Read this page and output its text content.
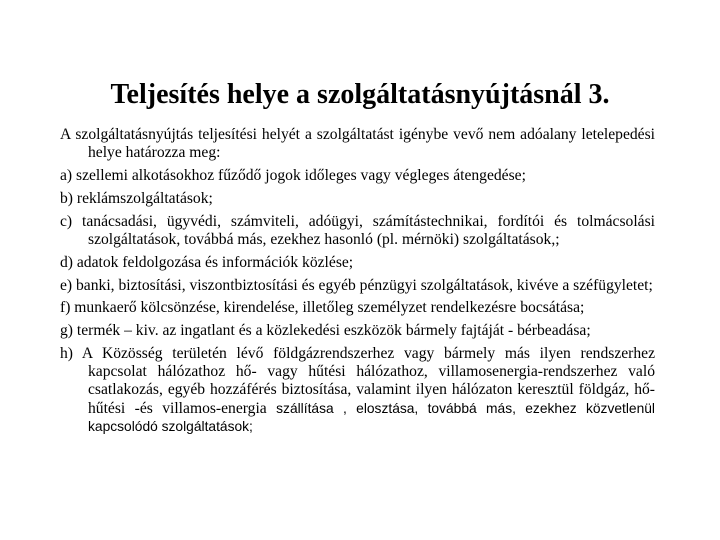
Teljesítés helye a szolgáltatásnyújtásnál 3.

A szolgáltatásnyújtás teljesítési helyét a szolgáltatást igénybe vevő nem adóalany letelepedési helye határozza meg:

a) szellemi alkotásokhoz fűződő jogok időleges vagy végleges átengedése;

b) reklámszolgáltatások;

c) tanácsadási, ügyvédi, számviteli, adóügyi, számítástechnikai, fordítói és tolmácsolási szolgáltatások, továbbá más, ezekhez hasonló (pl. mérnöki) szolgáltatások,;

d) adatok feldolgozása és információk közlése;

e) banki, biztosítási, viszontbiztosítási és egyéb pénzügyi szolgáltatások, kivéve a széfügyletet;

f) munkaerő kölcsönzése, kirendelése, illetőleg személyzet rendelkezésre bocsátása;

g) termék – kiv. az ingatlant és a közlekedési eszközök bármely fajtáját - bérbeadása;

h) A Közösség területén lévő földgázrendszerhez vagy bármely más ilyen rendszerhez kapcsolat hálózathoz hő- vagy hűtési hálózathoz, villamosenergia-rendszerhez való csatlakozás, egyéb hozzáférés biztosítása, valamint ilyen hálózaton keresztül földgáz, hő- hűtési -és villamos-energia szállítása , elosztása, továbbá más, ezekhez közvetlenül kapcsolódó szolgáltatások;
